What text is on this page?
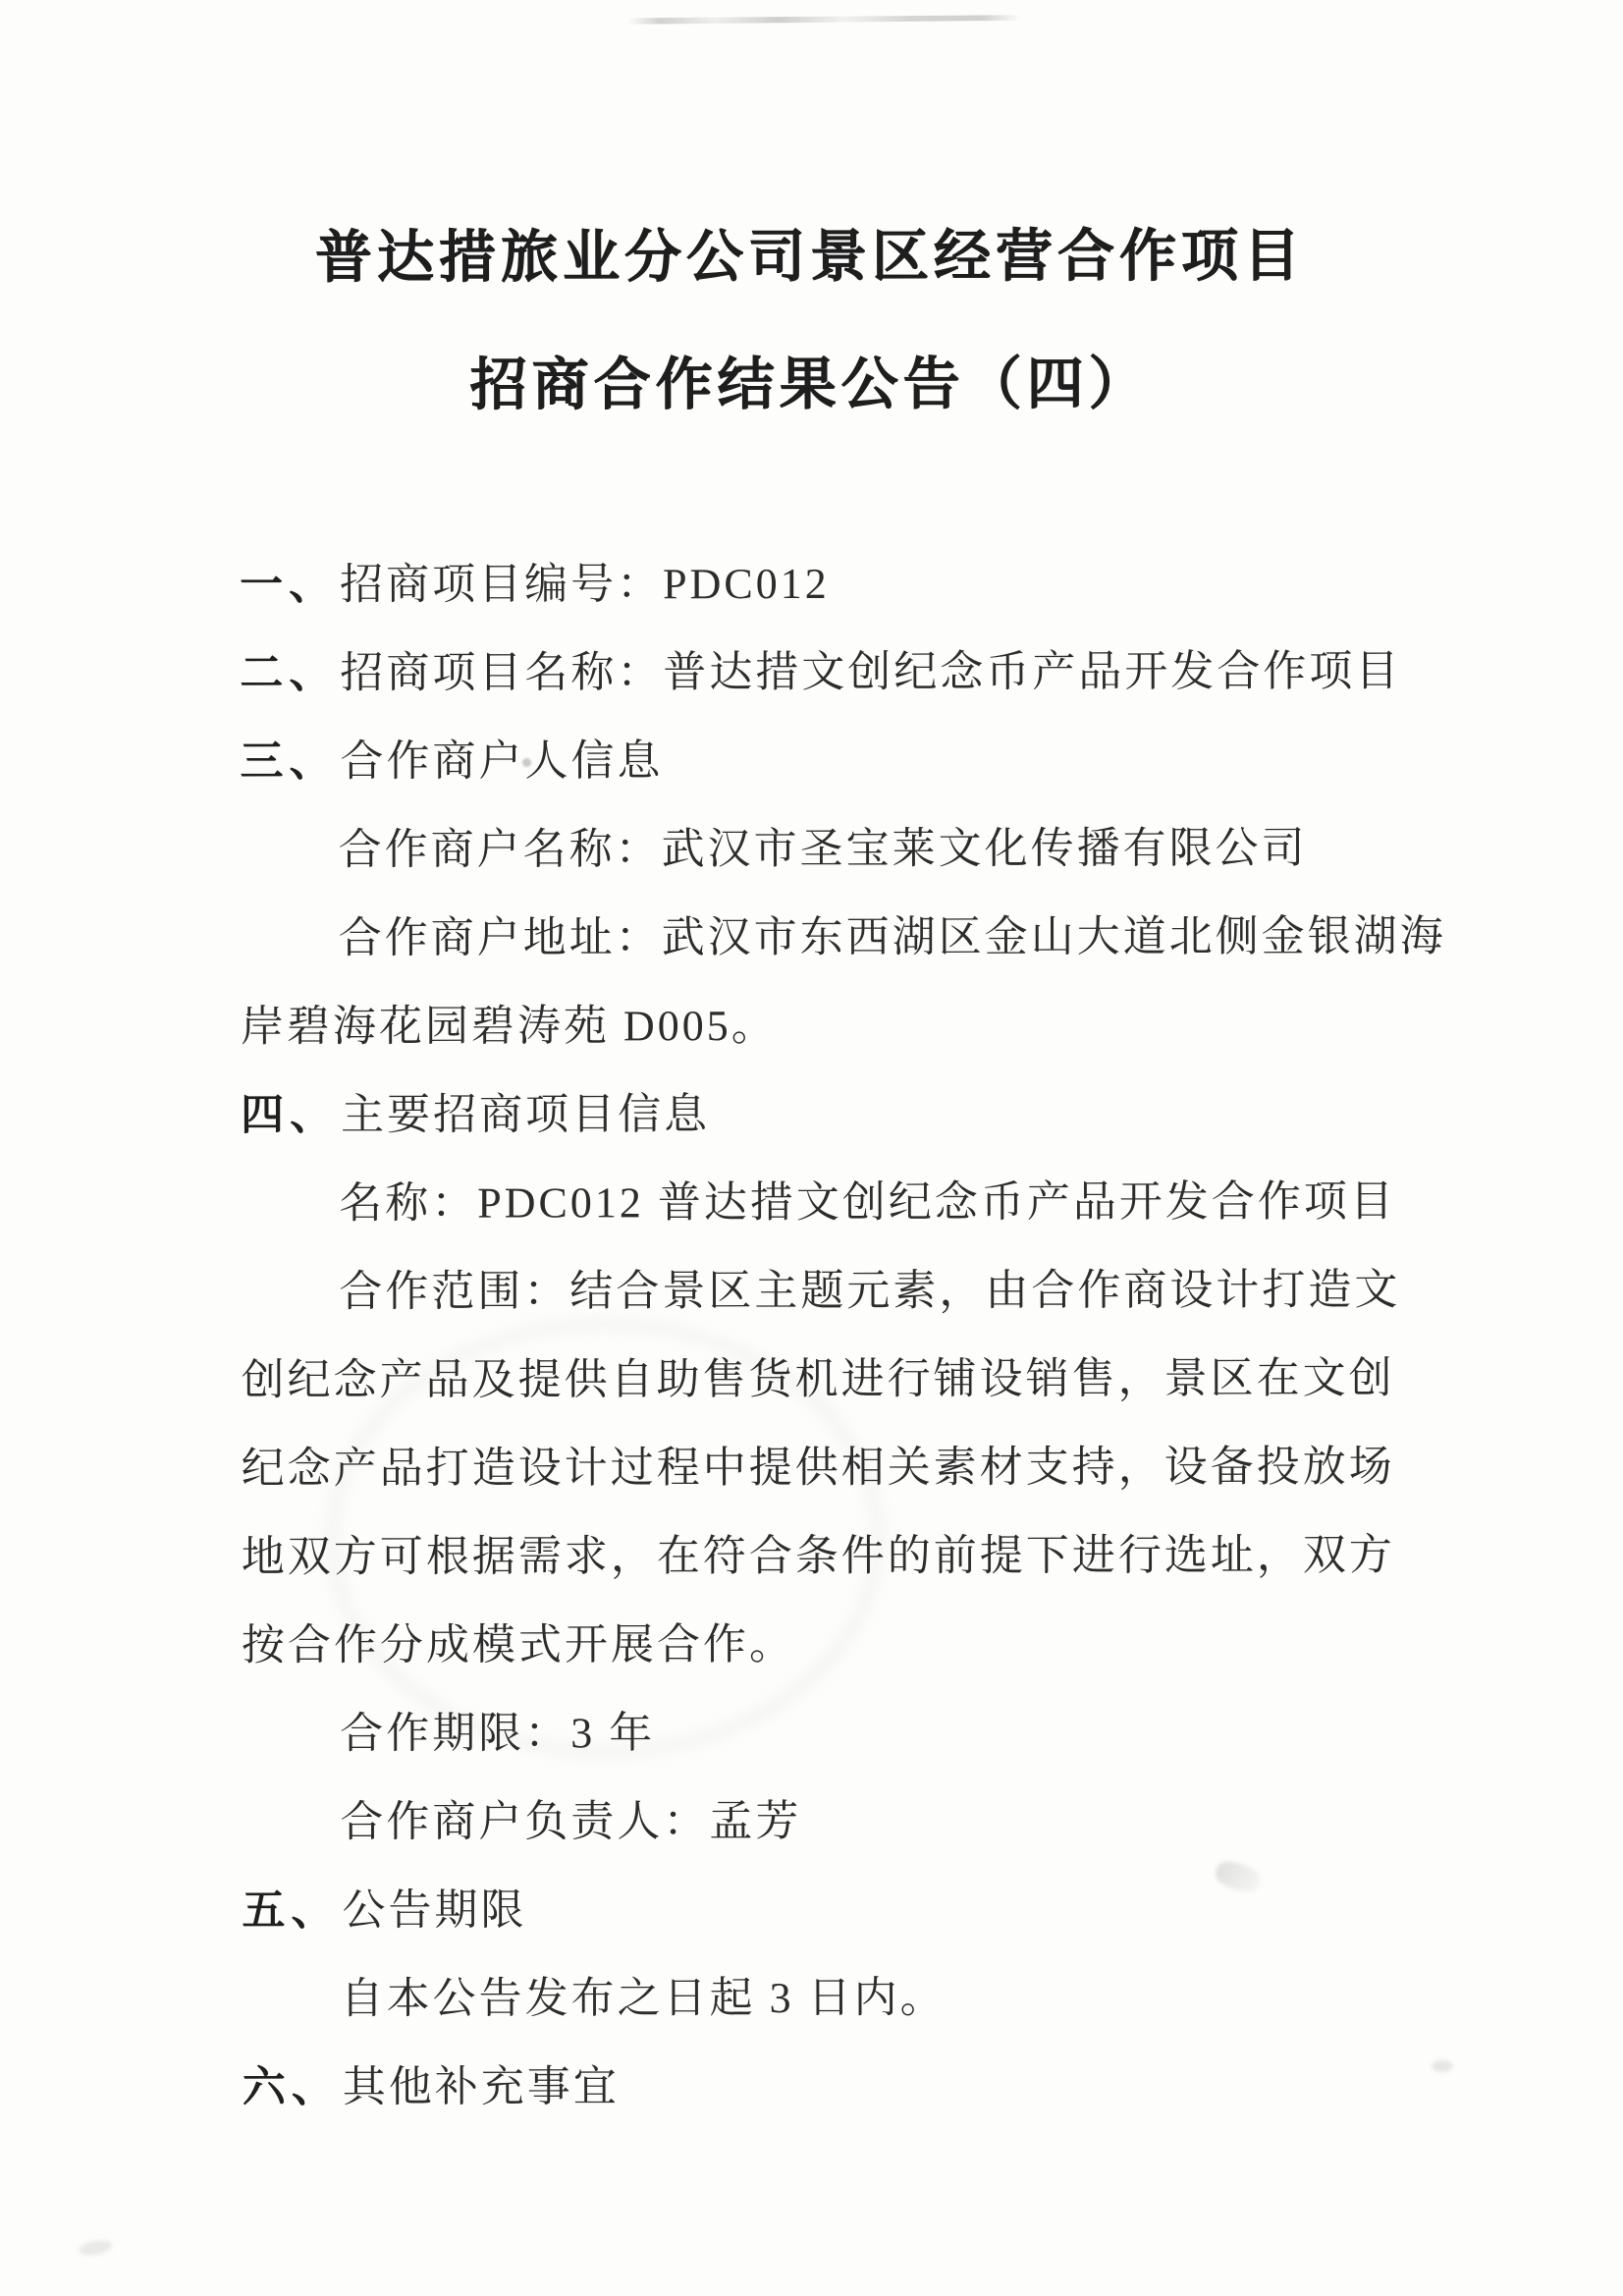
普达措旅业分公司景区经营合作项目
招商合作结果公告（四）
一、招商项目编号：PDC012
二、招商项目名称：普达措文创纪念币产品开发合作项目
三、合作商户人信息
合作商户名称：武汉市圣宝莱文化传播有限公司
合作商户地址：武汉市东西湖区金山大道北侧金银湖海
岸碧海花园碧涛苑 D005。
四、主要招商项目信息
名称：PDC012 普达措文创纪念币产品开发合作项目
合作范围：结合景区主题元素，由合作商设计打造文
创纪念产品及提供自助售货机进行铺设销售，景区在文创
纪念产品打造设计过程中提供相关素材支持，设备投放场
地双方可根据需求，在符合条件的前提下进行选址，双方
按合作分成模式开展合作。
合作期限：3 年
合作商户负责人：孟芳
五、公告期限
自本公告发布之日起 3 日内。
六、其他补充事宜
